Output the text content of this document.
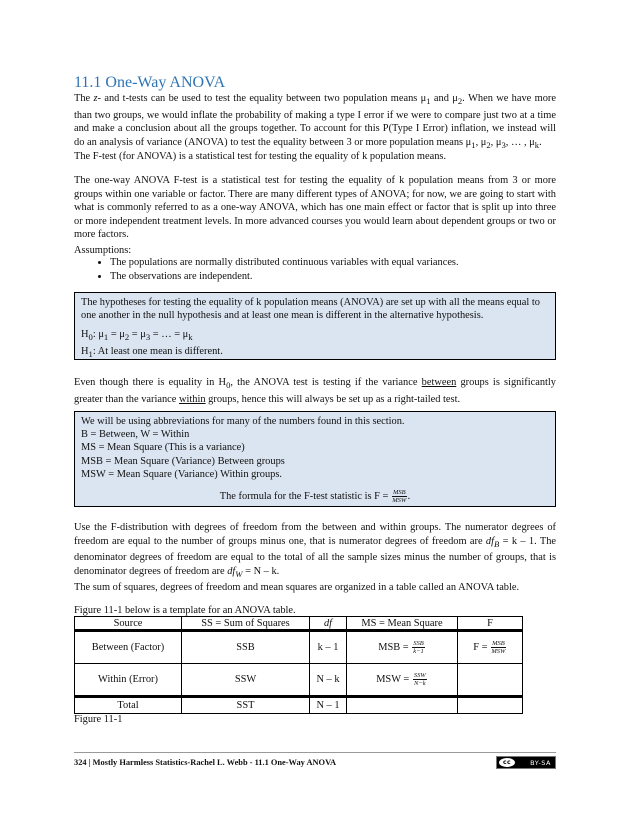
11.1 One-Way ANOVA

The z- and t-tests can be used to test the equality between two population means $\mu_1$ and $\mu_2$. When we have more than two groups, we would inflate the probability of making a type I error if we were to compare just two at a time and make a conclusion about all the groups together. To account for this P(Type I Error) inflation, we instead will do an analysis of variance (ANOVA) to test the equality between 3 or more population means $\mu_1$, $\mu_2$, $\mu_3$, … , $\mu_k$.

The F-test (for ANOVA) is a statistical test for testing the equality of k population means.

The one-way ANOVA F-test is a statistical test for testing the equality of k population means from 3 or more groups within one variable or factor. There are many different types of ANOVA; for now, we are going to start with what is commonly referred to as a one-way ANOVA, which has one main effect or factor that is split up into three or more independent treatment levels. In more advanced courses you would learn about dependent groups or two or more factors.

Assumptions:

• The populations are normally distributed continuous variables with equal variances.
• The observations are independent.
The hypotheses for testing the equality of k population means (ANOVA) are set up with all the means equal to one another in the null hypothesis and at least one mean is different in the alternative hypothesis.
$H_0$: $\mu_1 = \mu_2 = \mu_3$ = … = $\mu_k$
$H_1$: At least one mean is different.

Even though there is equality in $H_0$, the ANOVA test is testing if the variance between groups is significantly greater than the variance within groups, hence this will always be set up as a right-tailed test.

We will be using abbreviations for many of the numbers found in this section.
B = Between, W = Within
MS = Mean Square (This is a variance)
MSB = Mean Square (Variance) Between groups
MSW = Mean Square (Variance) Within groups.
The formula for the F-test statistic is $F = \frac{\text{MSB}}{\text{MSW}}$ .

Use the F-distribution with degrees of freedom from the between and within groups. The numerator degrees of freedom are equal to the number of groups minus one, that is numerator degrees of freedom are $df_B = k - 1$. The denominator degrees of freedom are equal to the total of all the sample sizes minus the number of groups, that is denominator degrees of freedom are $df_W = N - k$.

The sum of squares, degrees of freedom and mean squares are organized in a table called an ANOVA table.

Figure 11-1 below is a template for an ANOVA table.

Source	SS = Sum of Squares	df	MS = Mean Square	F
Between (Factor)	SSB	k – 1	MSB = $\frac{\text{SSB}}{k-1}$	$F = \frac{\text{MSB}}{\text{MSW}}$

Within (Error)	SSW	N – k	MSW = $\frac{\text{SSW}}{N-k}$

Total	SST	N – 1		

Figure 11-1

324 | Mostly Harmless Statistics-Rachel L. Webb - 11.1 One-Way ANOVA	cc	BY-SA
